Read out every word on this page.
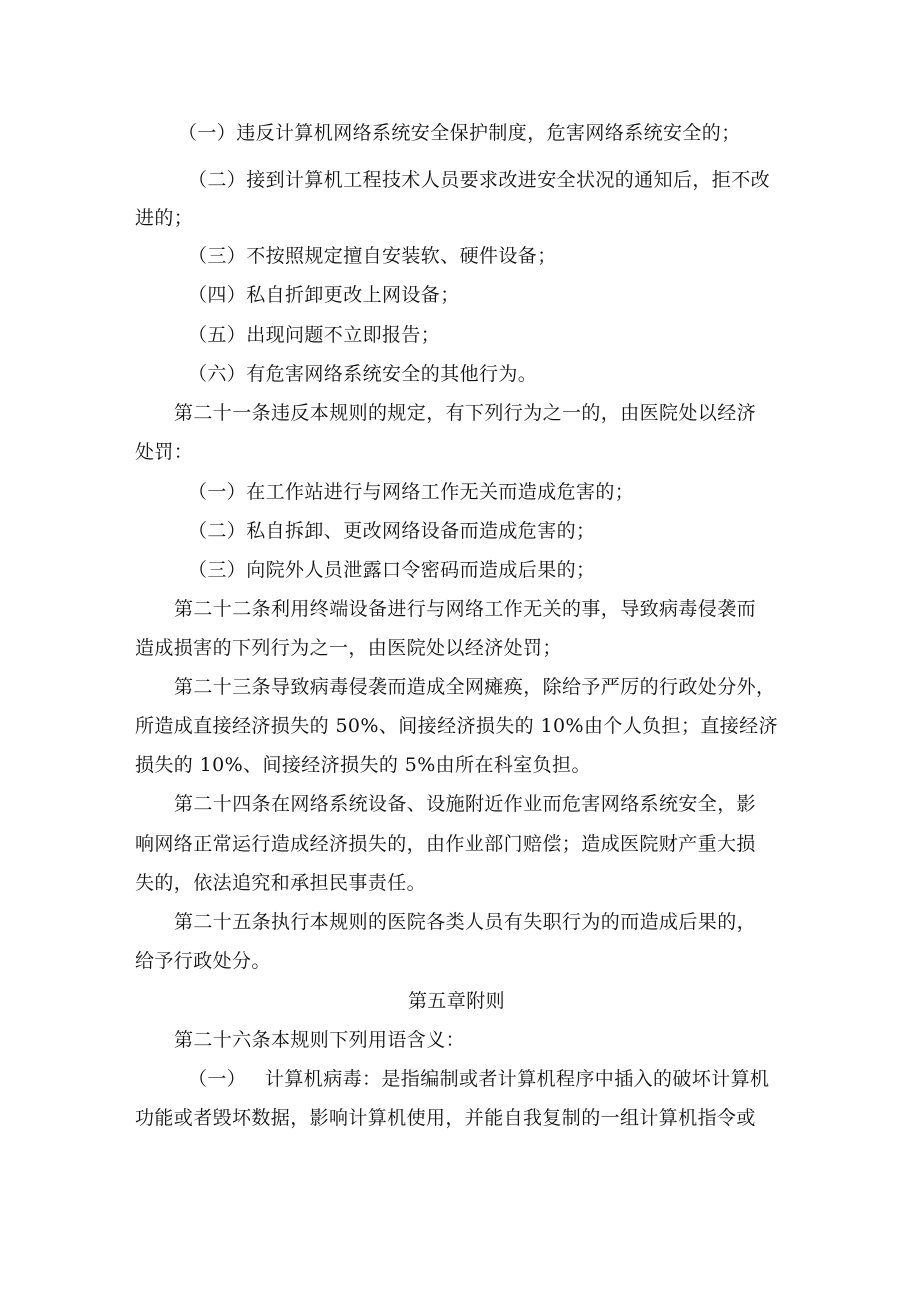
（一）违反计算机网络系统安全保护制度，危害网络系统安全的；
（二）接到计算机工程技术人员要求改进安全状况的通知后，拒不改
进的；
（三）不按照规定擅自安装软、硬件设备；
（四）私自折卸更改上网设备；
（五）出现问题不立即报告；
（六）有危害网络系统安全的其他行为。
第二十一条违反本规则的规定，有下列行为之一的，由医院处以经济
处罚：
（一）在工作站进行与网络工作无关而造成危害的；
（二）私自拆卸、更改网络设备而造成危害的；
（三）向院外人员泄露口令密码而造成后果的；
第二十二条利用终端设备进行与网络工作无关的事，导致病毒侵袭而
造成损害的下列行为之一，由医院处以经济处罚；
第二十三条导致病毒侵袭而造成全网瘫痪，除给予严厉的行政处分外，
所造成直接经济损失的 50%、间接经济损失的 10%由个人负担；直接经济
损失的 10%、间接经济损失的 5%由所在科室负担。
第二十四条在网络系统设备、设施附近作业而危害网络系统安全，影
响网络正常运行造成经济损失的，由作业部门赔偿；造成医院财产重大损
失的，依法追究和承担民事责任。
第二十五条执行本规则的医院各类人员有失职行为的而造成后果的，
给予行政处分。
第五章附则
第二十六条本规则下列用语含义：
（一） 计算机病毒：是指编制或者计算机程序中插入的破坏计算机
功能或者毁坏数据，影响计算机使用，并能自我复制的一组计算机指令或
